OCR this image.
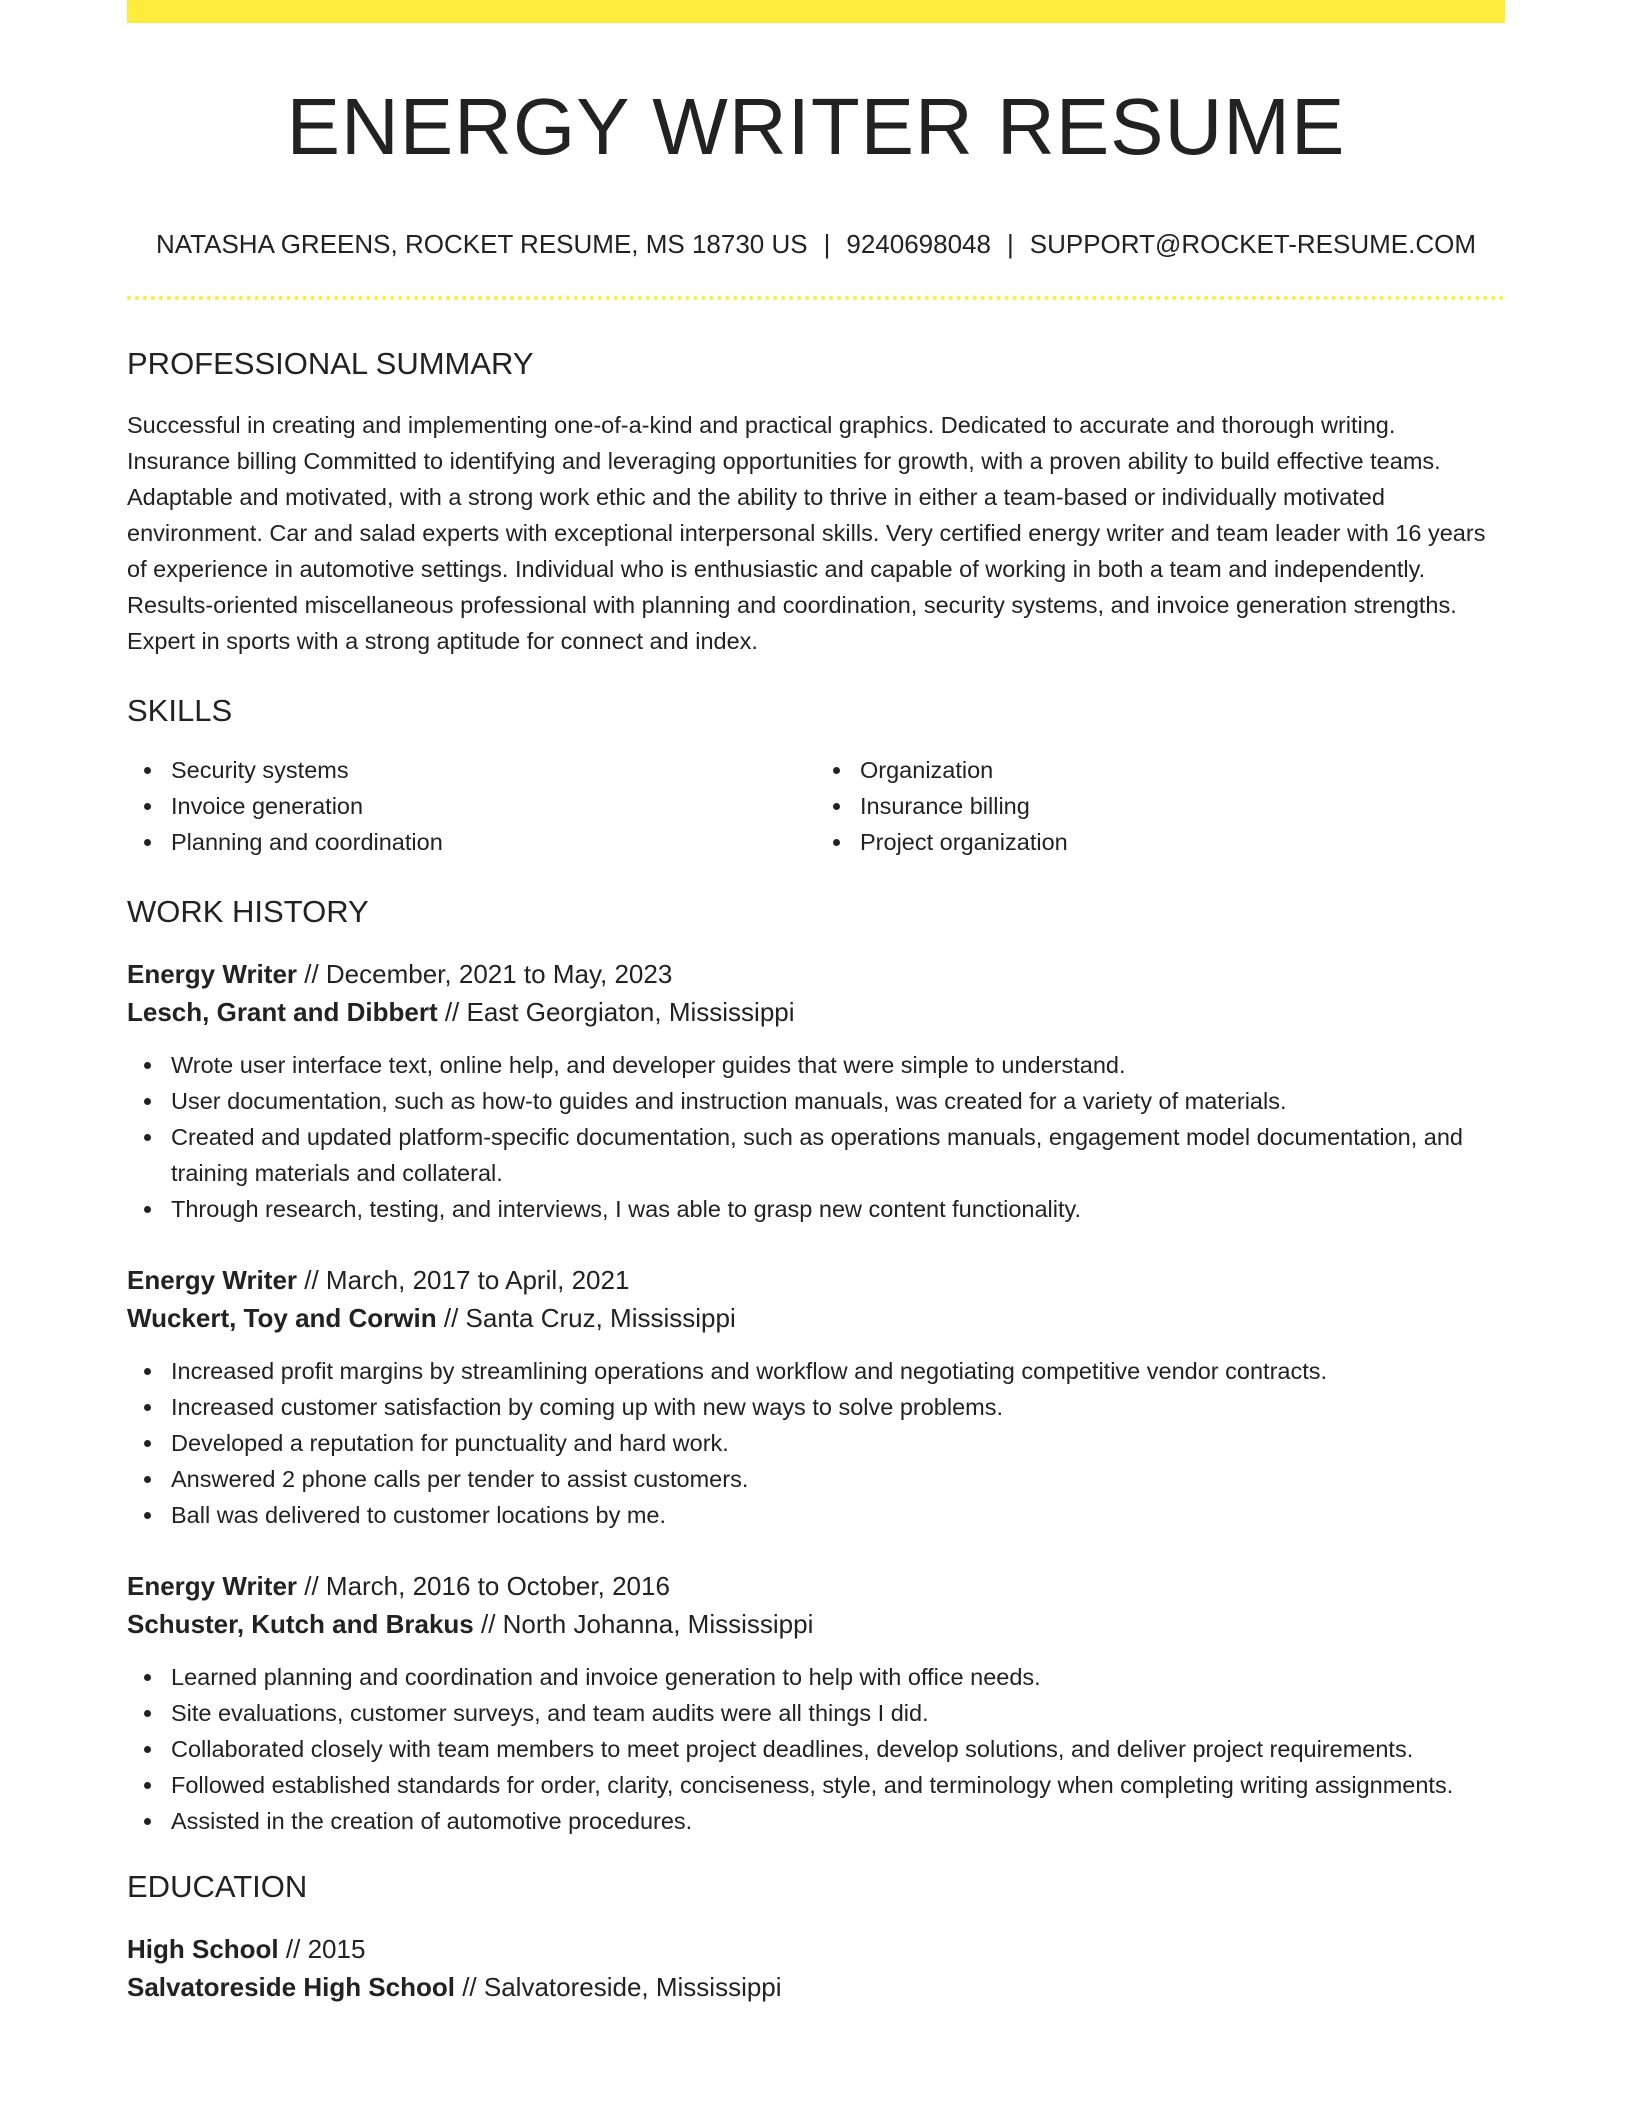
ENERGY WRITER RESUME
NATASHA GREENS, ROCKET RESUME, MS 18730 US | 9240698048 | SUPPORT@ROCKET-RESUME.COM
PROFESSIONAL SUMMARY

Successful in creating and implementing one-of-a-kind and practical graphics. Dedicated to accurate and thorough writing. Insurance billing Committed to identifying and leveraging opportunities for growth, with a proven ability to build effective teams. Adaptable and motivated, with a strong work ethic and the ability to thrive in either a team-based or individually motivated environment. Car and salad experts with exceptional interpersonal skills. Very certified energy writer and team leader with 16 years of experience in automotive settings. Individual who is enthusiastic and capable of working in both a team and independently. Results-oriented miscellaneous professional with planning and coordination, security systems, and invoice generation strengths. Expert in sports with a strong aptitude for connect and index.

SKILLS
Security systems
Invoice generation
Planning and coordination
Organization
Insurance billing
Project organization
WORK HISTORY
Energy Writer // December, 2021 to May, 2023
Lesch, Grant and Dibbert // East Georgiaton, Mississippi
Wrote user interface text, online help, and developer guides that were simple to understand.
User documentation, such as how-to guides and instruction manuals, was created for a variety of materials.
Created and updated platform-specific documentation, such as operations manuals, engagement model documentation, and training materials and collateral.
Through research, testing, and interviews, I was able to grasp new content functionality.
Energy Writer // March, 2017 to April, 2021
Wuckert, Toy and Corwin // Santa Cruz, Mississippi
Increased profit margins by streamlining operations and workflow and negotiating competitive vendor contracts.
Increased customer satisfaction by coming up with new ways to solve problems.
Developed a reputation for punctuality and hard work.
Answered 2 phone calls per tender to assist customers.
Ball was delivered to customer locations by me.
Energy Writer // March, 2016 to October, 2016
Schuster, Kutch and Brakus // North Johanna, Mississippi
Learned planning and coordination and invoice generation to help with office needs.
Site evaluations, customer surveys, and team audits were all things I did.
Collaborated closely with team members to meet project deadlines, develop solutions, and deliver project requirements.
Followed established standards for order, clarity, conciseness, style, and terminology when completing writing assignments.
Assisted in the creation of automotive procedures.
EDUCATION
High School // 2015
Salvatoreside High School // Salvatoreside, Mississippi
